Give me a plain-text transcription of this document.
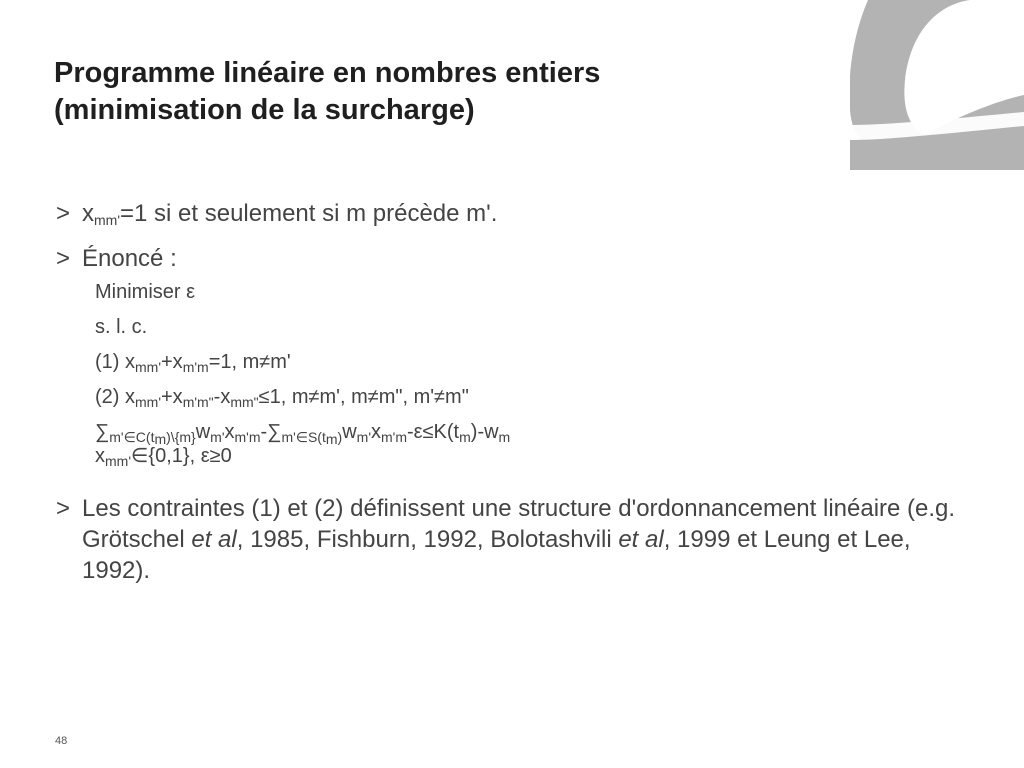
Programme linéaire en nombres entiers
(minimisation de la surcharge)
> xmm'=1 si et seulement si m précède m'.
> Énoncé :
Minimiser ε
s. l. c.
(1) $x_{mm'}+x_{m'm}=1$, m≠m'
(2) $x_{mm'}+x_{m'm"}-x_{mm"}\le 1$, m≠m', m≠m", m'≠m"
$\sum_{m'\in C(tm)\backslash\{m\}}w_{m'}x_{m'm}-\sum_{m'\in S(tm)}w_{m'}x_{m'm}-\varepsilon\le K(t_m)-w_m$
$x_{mm'}\in\{0,1\}$, ε≥0
> Les contraintes (1) et (2) définissent une structure d'ordonnancement linéaire (e.g. Grötschel et al, 1985, Fishburn, 1992, Bolotashvili et al, 1999 et Leung et Lee, 1992).
48
